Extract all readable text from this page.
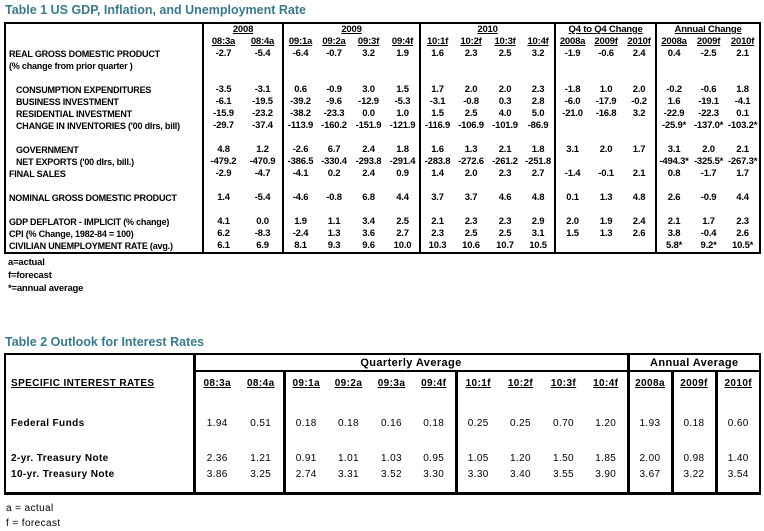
Table 1 US GDP, Inflation, and Unemployment Rate
	2008		2009				2010				Q4 to Q4 Change			Annual Change		
	08:3a	08:4a	09:1a	09:2a	09:3f	09:4f	10:1f	10:2f	10:3f	10:4f	2008a	2009f	2010f	2008a	2009f	2010f

REAL GROSS DOMESTIC PRODUCT
(% change from prior quarter )	-2.7	-5.4	-6.4	-0.7	3.2	1.9	1.6	2.3	2.5	3.2	-1.9	-0.6	2.4	0.4	-2.5	2.1

CONSUMPTION EXPENDITURES	-3.5	-3.1	0.6	-0.9	3.0	1.5	1.7	2.0	2.0	2.3	-1.8	1.0	2.0	-0.2	-0.6	1.8

BUSINESS INVESTMENT	-6.1	-19.5	-39.2	-9.6	-12.9	-5.3	-3.1	-0.8	0.3	2.8	-6.0	-17.9	-0.2	1.6	-19.1	-4.1

RESIDENTIAL INVESTMENT	-15.9	-23.2	-38.2	-23.3	0.0	1.0	1.5	2.5	4.0	5.0	-21.0	-16.8	3.2	-22.9	-22.3	0.1

CHANGE IN INVENTORIES ('00 dlrs, bill)	-29.7	-37.4	-113.9	-160.2	-151.9	-121.9	-116.9	-106.9	-101.9	-86.9				-25.9*	-137.0*	-103.2*

GOVERNMENT	4.8	1.2	-2.6	6.7	2.4	1.8	1.6	1.3	2.1	1.8	3.1	2.0	1.7	3.1	2.0	2.1

NET EXPORTS ('00 dlrs, bill.)	-479.2	-470.9	-386.5	-330.4	-293.8	-291.4	-283.8	-272.6	-261.2	-251.8				-494.3*	-325.5*	-267.3*

FINAL SALES	-2.9	-4.7	-4.1	0.2	2.4	0.9	1.4	2.0	2.3	2.7	-1.4	-0.1	2.1	0.8	-1.7	1.7

NOMINAL GROSS DOMESTIC PRODUCT	1.4	-5.4	-4.6	-0.8	6.8	4.4	3.7	3.7	4.6	4.8	0.1	1.3	4.8	2.6	-0.9	4.4

GDP DEFLATOR - IMPLICIT (% change)	4.1	0.0	1.9	1.1	3.4	2.5	2.1	2.3	2.3	2.9	2.0	1.9	2.4	2.1	1.7	2.3

CPI (% Change, 1982-84 = 100)	6.2	-8.3	-2.4	1.3	3.6	2.7	2.3	2.5	2.5	3.1	1.5	1.3	2.6	3.8	-0.4	2.6

CIVILIAN UNEMPLOYMENT RATE (avg.)	6.1	6.9	8.1	9.3	9.6	10.0	10.3	10.6	10.7	10.5				5.8*	9.2*	10.5*
a=actual
f=forecast
*=annual average
Table 2 Outlook for Interest Rates
	Quarterly Average										Annual Average		
SPECIFIC INTEREST RATES	08:3a	08:4a	09:1a	09:2a	09:3a	09:4f	10:1f	10:2f	10:3f	10:4f	2008a	2009f	2010f

Federal Funds	1.94	0.51	0.18	0.18	0.16	0.18	0.25	0.25	0.70	1.20	1.93	0.18	0.60

2-yr. Treasury Note	2.36	1.21	0.91	1.01	1.03	0.95	1.05	1.20	1.50	1.85	2.00	0.98	1.40
10-yr. Treasury Note	3.86	3.25	2.74	3.31	3.52	3.30	3.30	3.40	3.55	3.90	3.67	3.22	3.54

a = actual
f = forecast
